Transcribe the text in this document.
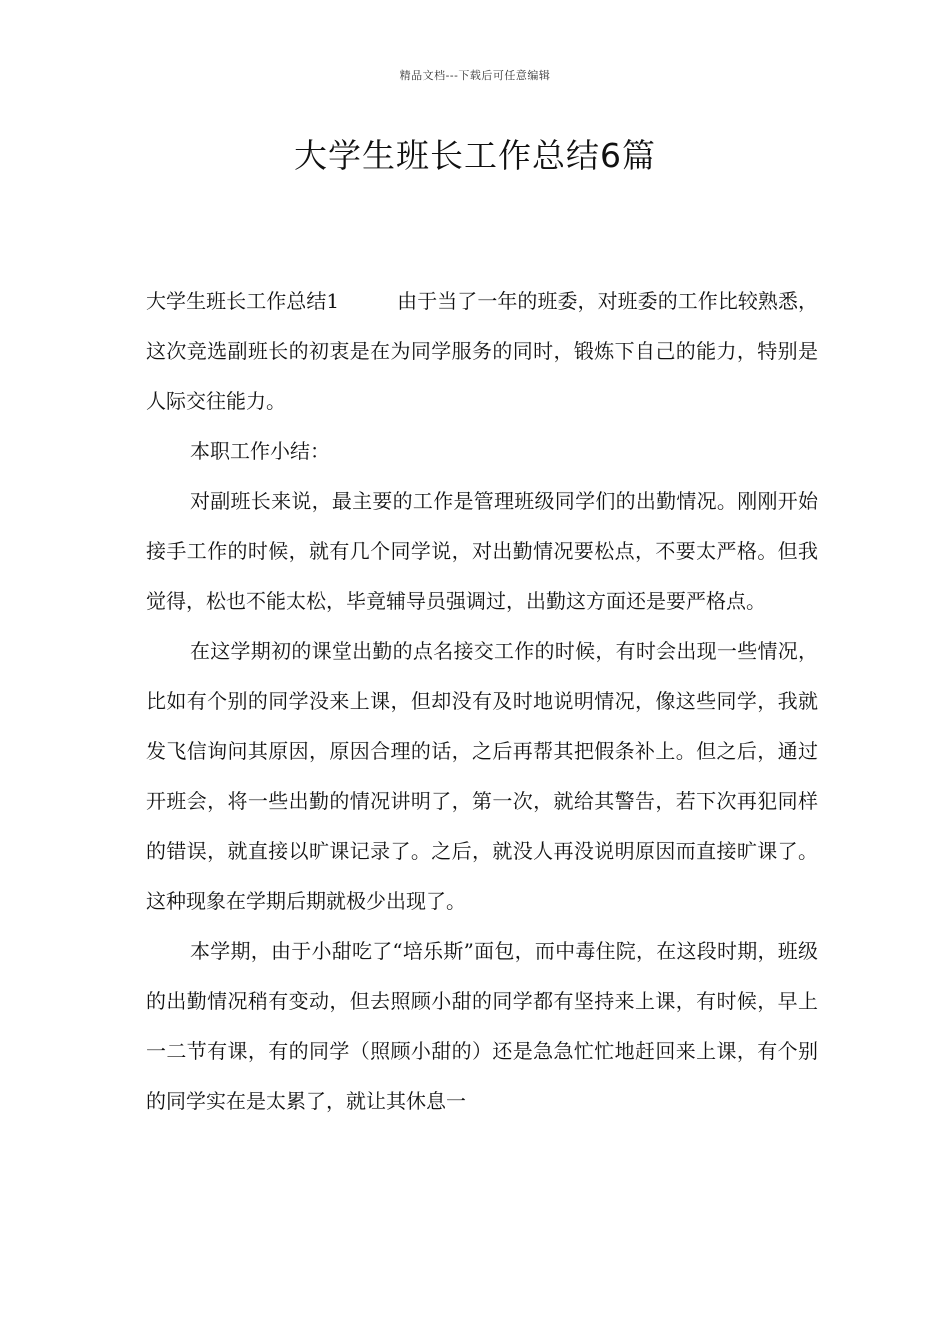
精品文档---下载后可任意编辑
大学生班长工作总结6篇

大学生班长工作总结1	由于当了一年的班委，对班委的工作比较熟悉，这次竞选副班长的初衷是在为同学服务的同时，锻炼下自己的能力，特别是人际交往能力。

本职工作小结：

对副班长来说，最主要的工作是管理班级同学们的出勤情况。刚刚开始接手工作的时候，就有几个同学说，对出勤情况要松点，不要太严格。但我觉得，松也不能太松，毕竟辅导员强调过，出勤这方面还是要严格点。

在这学期初的课堂出勤的点名接交工作的时候，有时会出现一些情况，比如有个别的同学没来上课，但却没有及时地说明情况，像这些同学，我就发飞信询问其原因，原因合理的话，之后再帮其把假条补上。但之后，通过开班会，将一些出勤的情况讲明了，第一次，就给其警告，若下次再犯同样的错误，就直接以旷课记录了。之后，就没人再没说明原因而直接旷课了。这种现象在学期后期就极少出现了。

本学期，由于小甜吃了“培乐斯”面包，而中毒住院，在这段时期，班级的出勤情况稍有变动，但去照顾小甜的同学都有坚持来上课，有时候，早上一二节有课，有的同学（照顾小甜的）还是急急忙忙地赶回来上课，有个别的同学实在是太累了，就让其休息一
